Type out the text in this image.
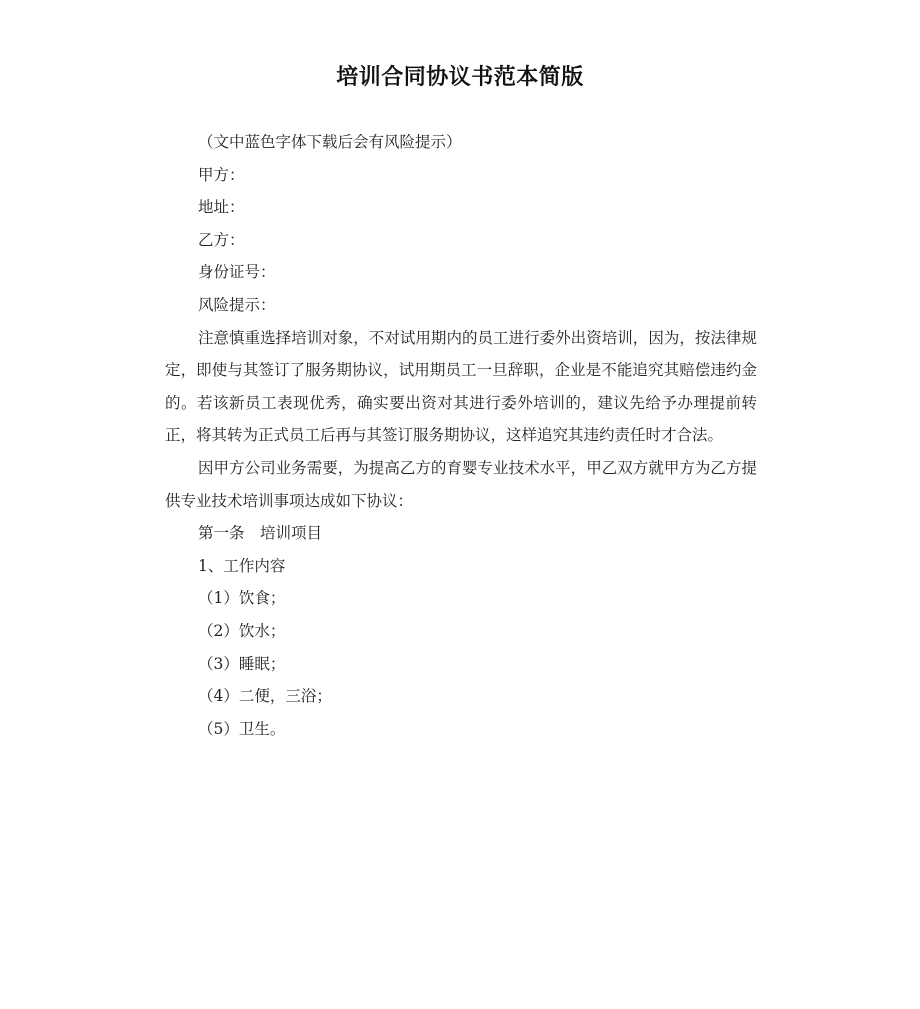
培训合同协议书范本简版

（文中蓝色字体下载后会有风险提示）

甲方：

地址：

乙方：

身份证号：

风险提示：

注意慎重选择培训对象，不对试用期内的员工进行委外出资培训，因为，按法律规定，即使与其签订了服务期协议，试用期员工一旦辞职，企业是不能追究其赔偿违约金的。若该新员工表现优秀，确实要出资对其进行委外培训的，建议先给予办理提前转正，将其转为正式员工后再与其签订服务期协议，这样追究其违约责任时才合法。

因甲方公司业务需要，为提高乙方的育婴专业技术水平，甲乙双方就甲方为乙方提供专业技术培训事项达成如下协议：

第一条　培训项目

1、工作内容

（1）饮食；

（2）饮水；

（3）睡眠；

（4）二便，三浴；

（5）卫生。
